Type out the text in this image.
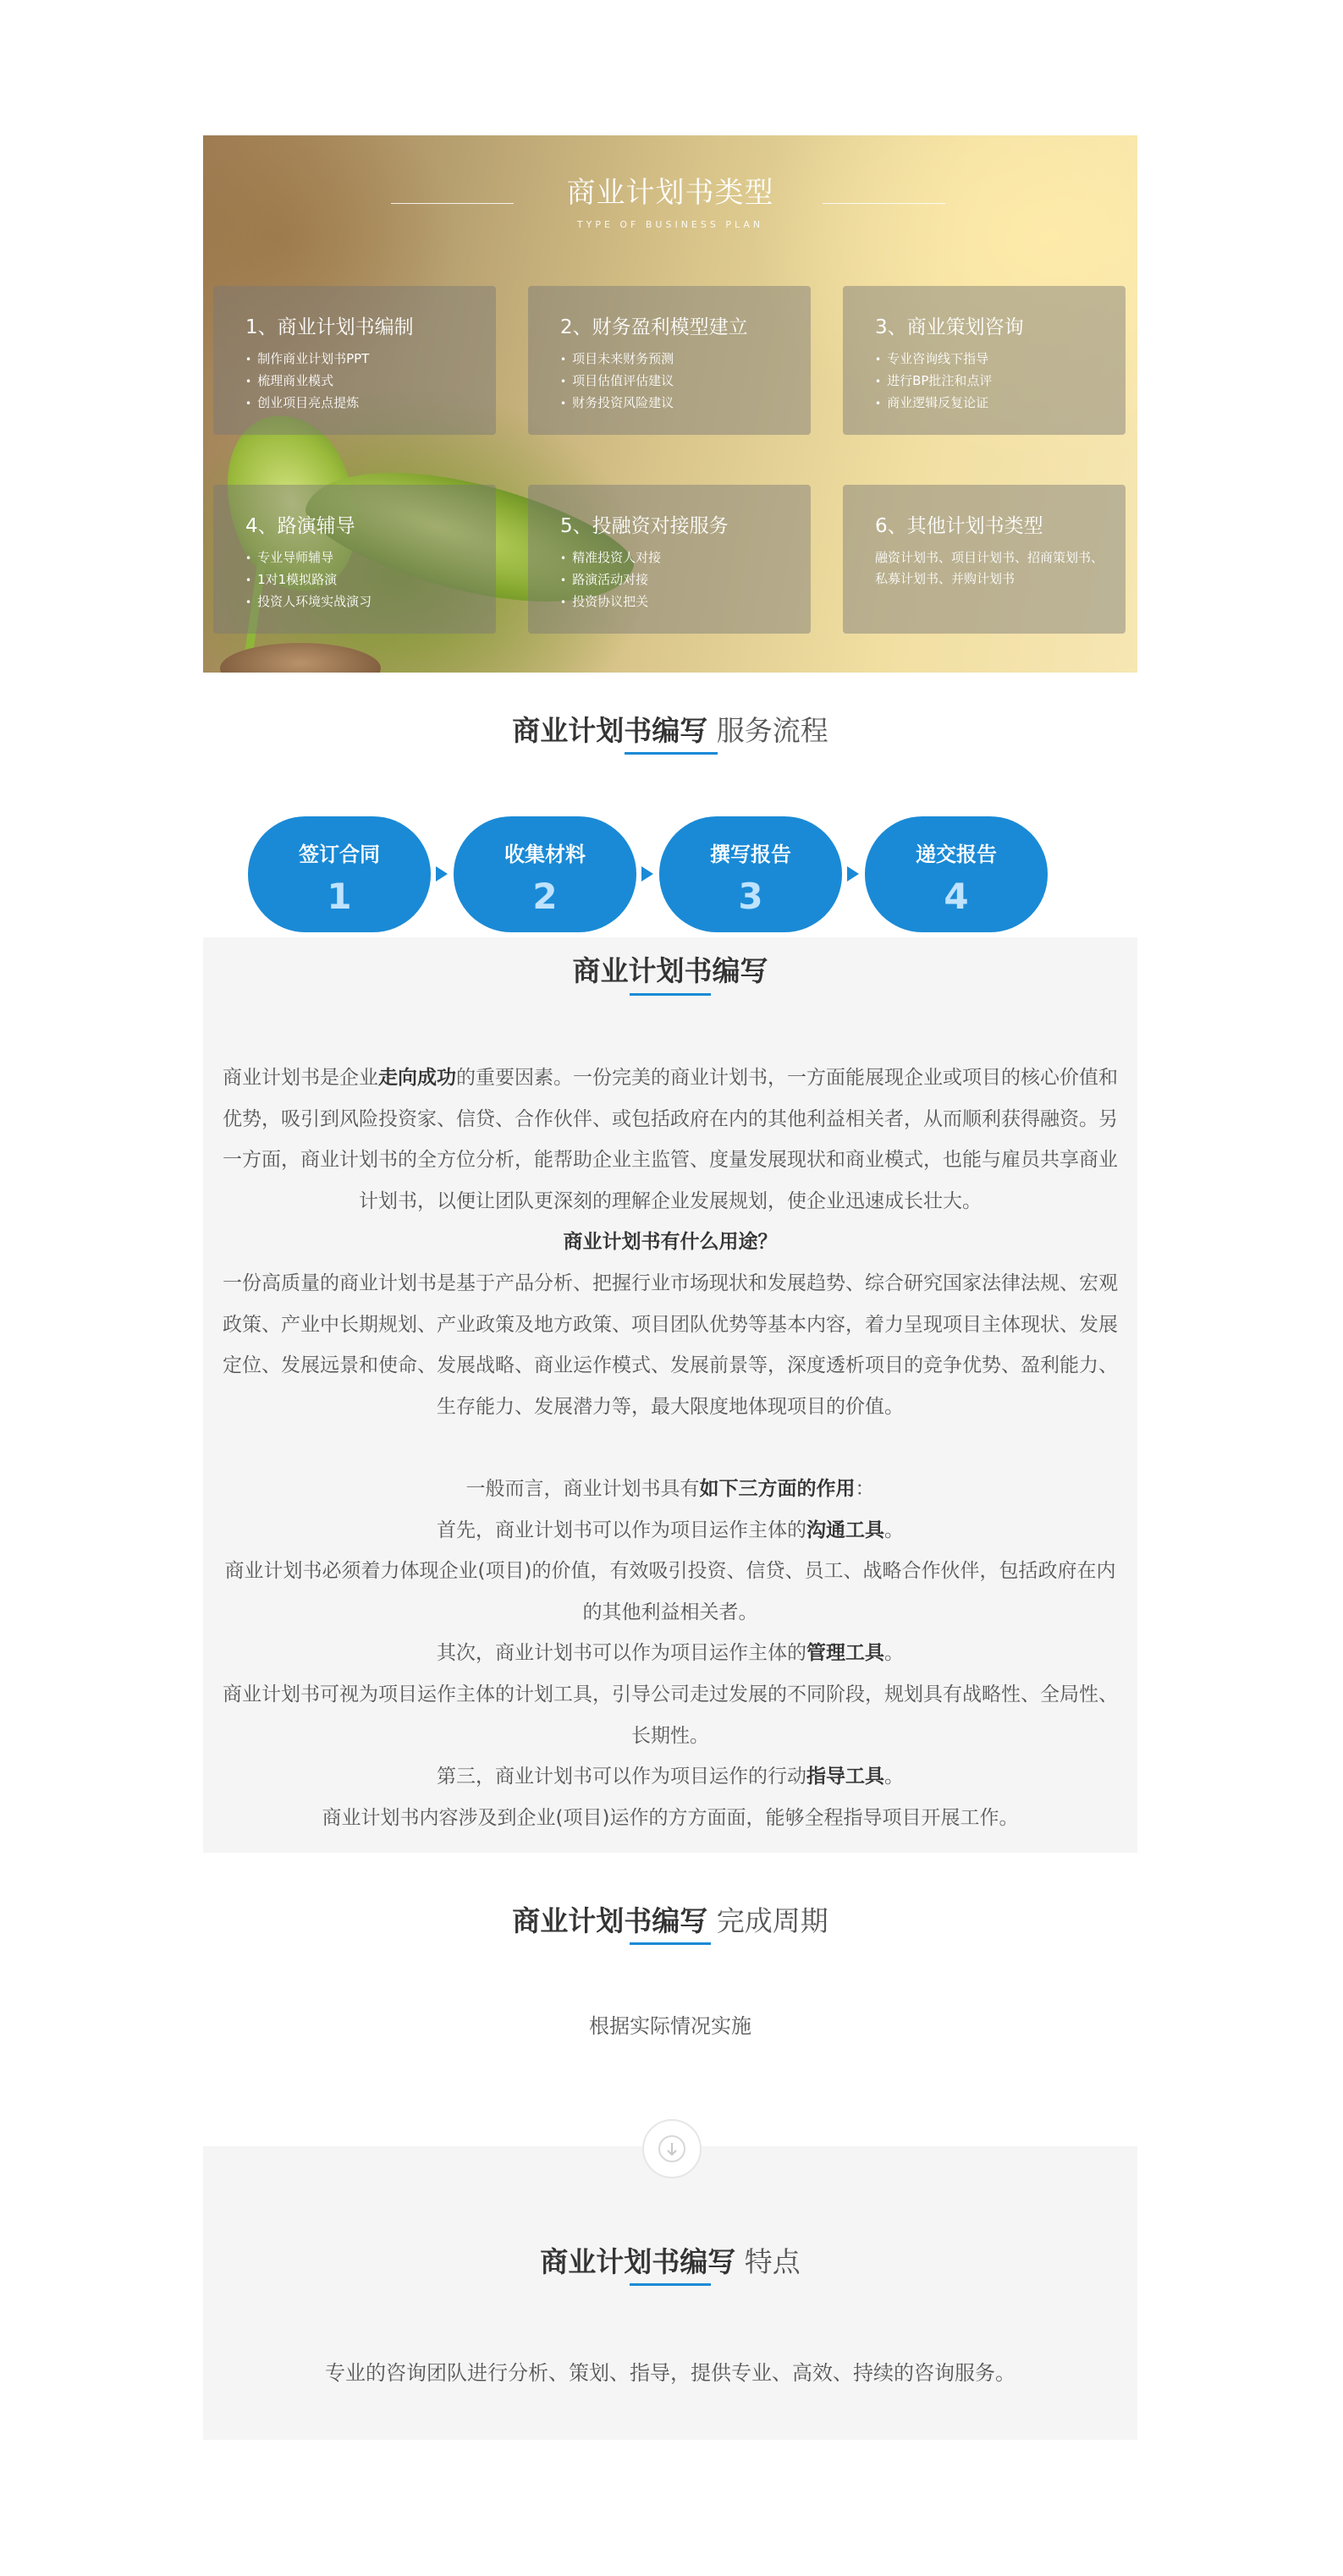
商业计划书类型
TYPE OF BUSINESS PLAN
1、商业计划书编制
• 制作商业计划书PPT
• 梳理商业模式
• 创业项目亮点提炼
2、财务盈利模型建立
• 项目未来财务预测
• 项目估值评估建议
• 财务投资风险建议
3、商业策划咨询
• 专业咨询线下指导
• 进行BP批注和点评
• 商业逻辑反复论证
4、路演辅导
• 专业导师辅导
• 1对1模拟路演
• 投资人环境实战演习
5、投融资对接服务
• 精准投资人对接
• 路演活动对接
• 投资协议把关
6、其他计划书类型
融资计划书、项目计划书、招商策划书、私募计划书、并购计划书
商业计划书编写 服务流程
签订合同
1
收集材料
2
撰写报告
3
递交报告
4
商业计划书编写

商业计划书是企业走向成功的重要因素。一份完美的商业计划书，一方面能展现企业或项目的核心价值和优势，吸引到风险投资家、信贷、合作伙伴、或包括政府在内的其他利益相关者，从而顺利获得融资。另一方面，商业计划书的全方位分析，能帮助企业主监管、度量发展现状和商业模式，也能与雇员共享商业计划书，以便让团队更深刻的理解企业发展规划，使企业迅速成长壮大。

商业计划书有什么用途？

一份高质量的商业计划书是基于产品分析、把握行业市场现状和发展趋势、综合研究国家法律法规、宏观政策、产业中长期规划、产业政策及地方政策、项目团队优势等基本内容，着力呈现项目主体现状、发展定位、发展远景和使命、发展战略、商业运作模式、发展前景等，深度透析项目的竞争优势、盈利能力、生存能力、发展潜力等，最大限度地体现项目的价值。

一般而言，商业计划书具有如下三方面的作用：

首先，商业计划书可以作为项目运作主体的沟通工具。

商业计划书必须着力体现企业(项目)的价值，有效吸引投资、信贷、员工、战略合作伙伴，包括政府在内的其他利益相关者。

其次，商业计划书可以作为项目运作主体的管理工具。

商业计划书可视为项目运作主体的计划工具，引导公司走过发展的不同阶段，规划具有战略性、全局性、长期性。

第三，商业计划书可以作为项目运作的行动指导工具。

商业计划书内容涉及到企业(项目)运作的方方面面，能够全程指导项目开展工作。

商业计划书编写 完成周期
根据实际情况实施
商业计划书编写 特点
专业的咨询团队进行分析、策划、指导，提供专业、高效、持续的咨询服务。
